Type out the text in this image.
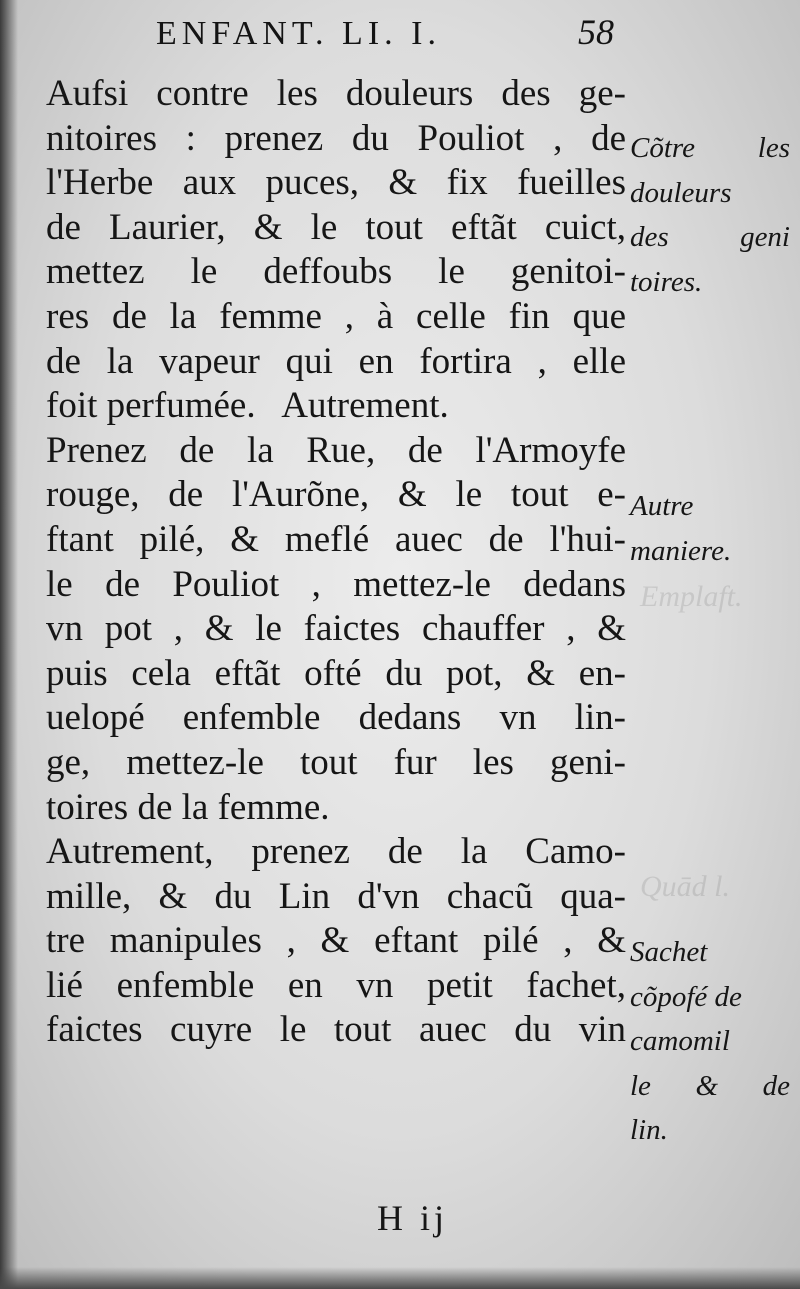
Emplaft.
Quād l.
ENFANT. LI. I.	58
Aufsi contre les douleurs des ge-
nitoires : prenez du Pouliot , de
l'Herbe aux puces, & fix fueilles
de Laurier, & le tout eftãt cuict,
mettez le deffoubs le genitoi-
res de la femme , à celle fin que
de la vapeur qui en fortira , elle
foit perfumée.   Autrement.
Prenez de la Rue, de l'Armoyfe
rouge, de l'Aurõne, & le tout e-
ftant pilé, & meflé auec de l'hui-
le de Pouliot , mettez-le dedans
vn pot , & le faictes chauffer , &
puis cela eftãt ofté du pot, & en-
uelopé enfemble dedans vn lin-
ge, mettez-le tout fur les geni-
toires de la femme.
Autrement, prenez de la Camo-
mille, & du Lin d'vn chacũ qua-
tre manipules , & eftant pilé , &
lié enfemble en vn petit fachet,
faictes cuyre le tout auec du vin
Cõtre les
douleurs
des geni
toires.
Autre
maniere.
Sachet
cõpofé de
camomil
le & de
lin.
H ij
